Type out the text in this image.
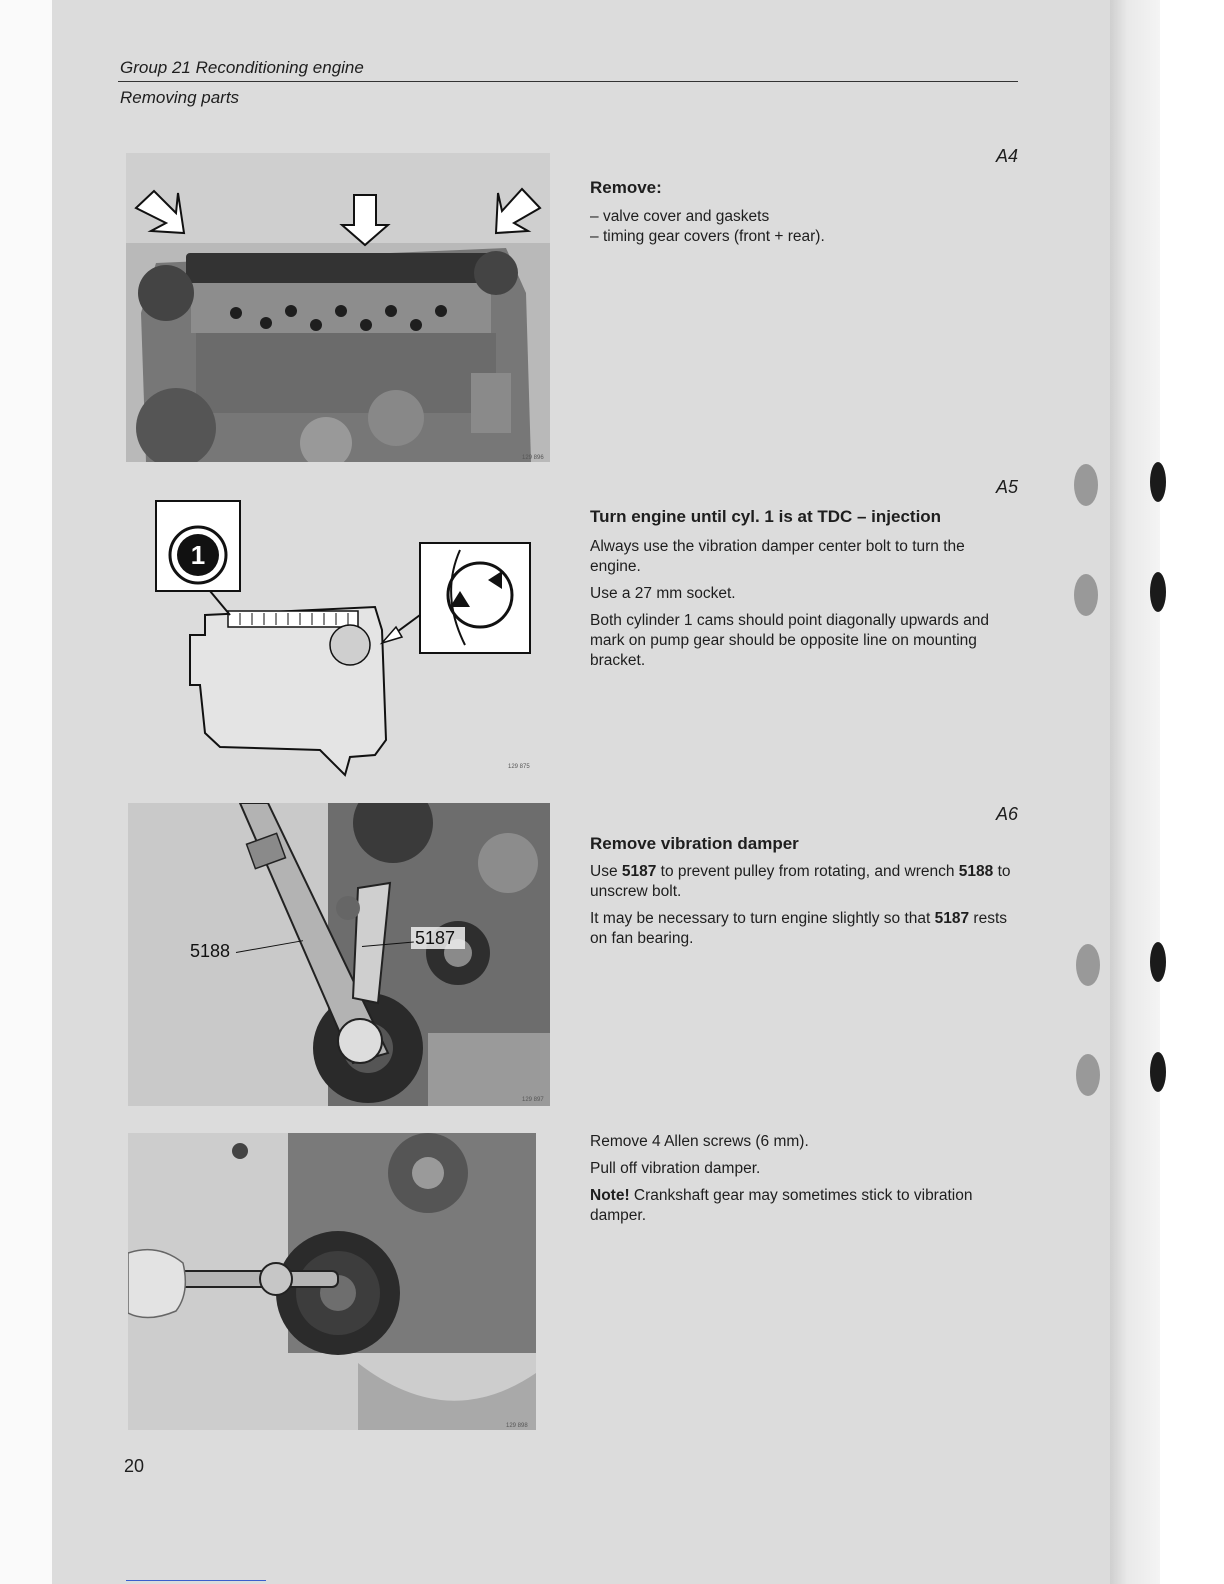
Group 21 Reconditioning engine
Removing parts
129 896
A4
Remove:
– valve cover and gaskets
– timing gear covers (front + rear).
1
129 875
A5
Turn engine until cyl. 1 is at TDC – injection

Always use the vibration damper center bolt to turn the engine.

Use a 27 mm socket.

Both cylinder 1 cams should point diagonally upwards and mark on pump gear should be opposite line on mounting bracket.

5188
5187
129 897
A6
Remove vibration damper

Use 5187 to prevent pulley from rotating, and wrench 5188 to unscrew bolt.

It may be necessary to turn engine slightly so that 5187 rests on fan bearing.

129 898

Remove 4 Allen screws (6 mm).

Pull off vibration damper.

Note! Crankshaft gear may sometimes stick to vibration damper.

20
